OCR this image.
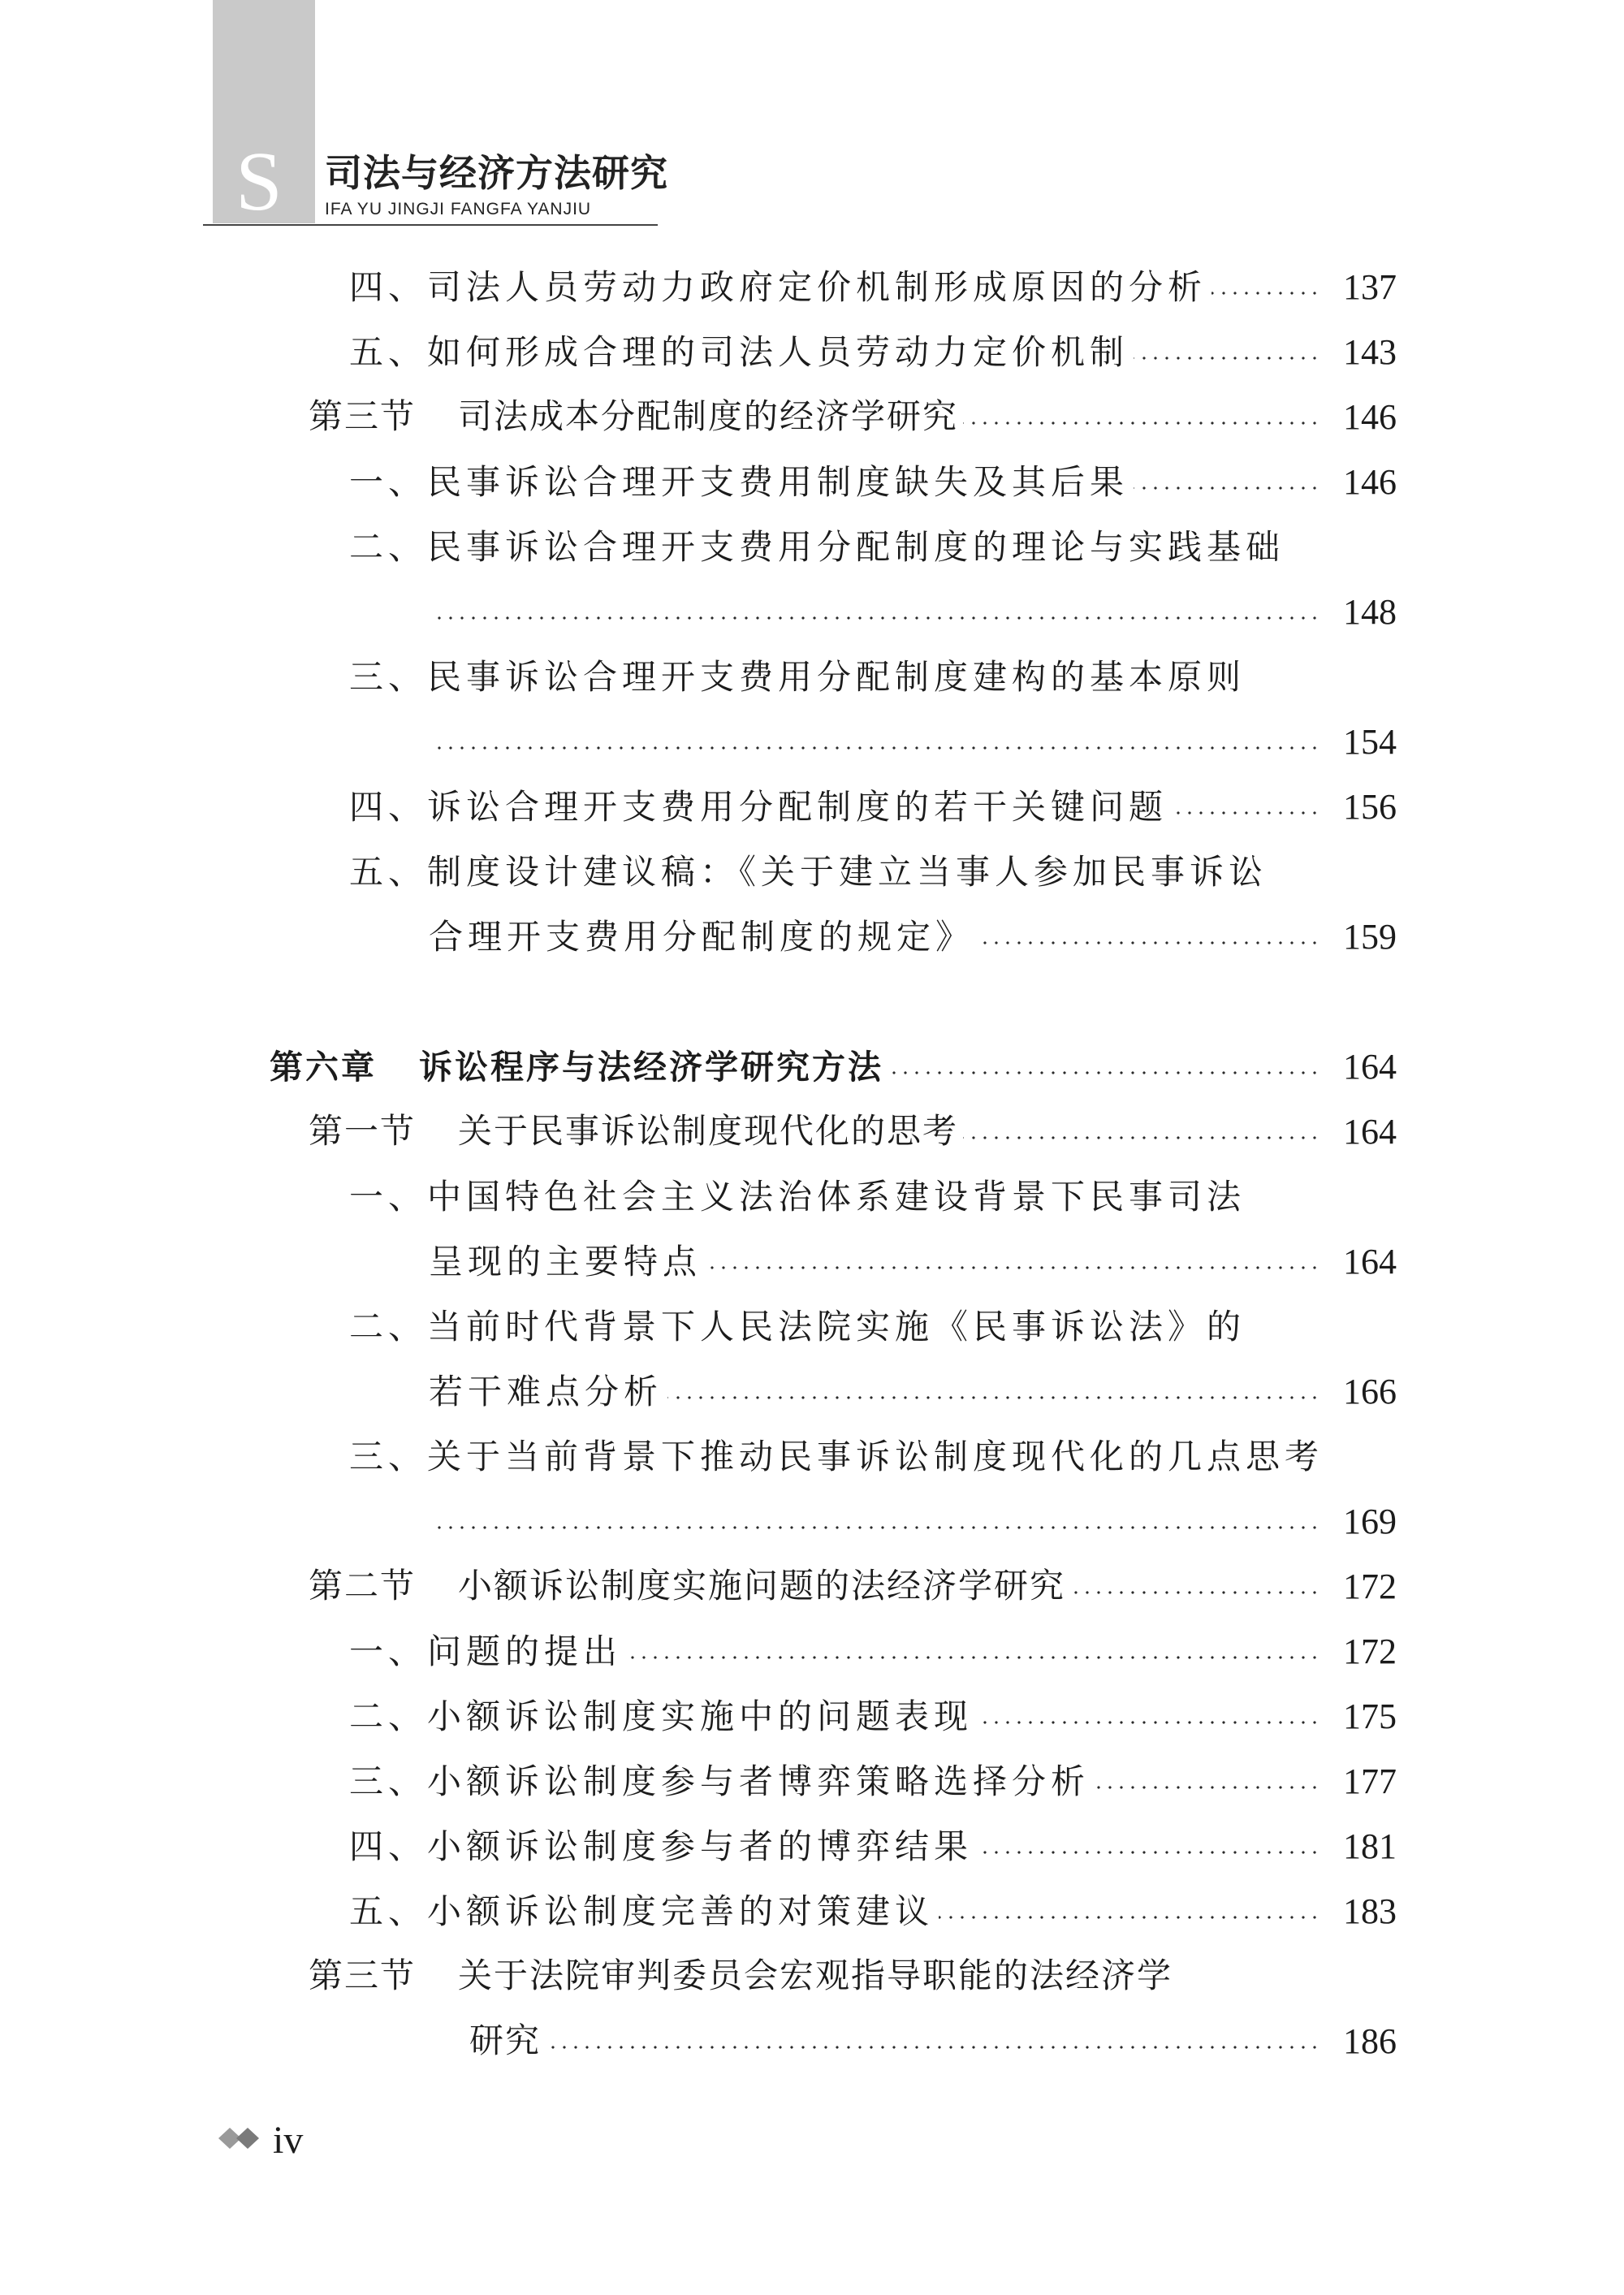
S 司法与经济方法研究
IFA YU JINGJI FANGFA YANJIU
四、司法人员劳动力政府定价机制形成原因的分析	137
五、如何形成合理的司法人员劳动力定价机制	143
第三节 司法成本分配制度的经济学研究	146
一、民事诉讼合理开支费用制度缺失及其后果	146
二、民事诉讼合理开支费用分配制度的理论与实践基础
148
三、民事诉讼合理开支费用分配制度建构的基本原则
154
四、诉讼合理开支费用分配制度的若干关键问题	156
五、制度设计建议稿：《关于建立当事人参加民事诉讼
合理开支费用分配制度的规定》	159
第六章 诉讼程序与法经济学研究方法	164
第一节 关于民事诉讼制度现代化的思考	164
一、中国特色社会主义法治体系建设背景下民事司法
呈现的主要特点	164
二、当前时代背景下人民法院实施《民事诉讼法》的
若干难点分析	166
三、关于当前背景下推动民事诉讼制度现代化的几点思考
169
第二节 小额诉讼制度实施问题的法经济学研究	172
一、问题的提出	172
二、小额诉讼制度实施中的问题表现	175
三、小额诉讼制度参与者博弈策略选择分析	177
四、小额诉讼制度参与者的博弈结果	181
五、小额诉讼制度完善的对策建议	183
第三节 关于法院审判委员会宏观指导职能的法经济学
研究	186
iv
